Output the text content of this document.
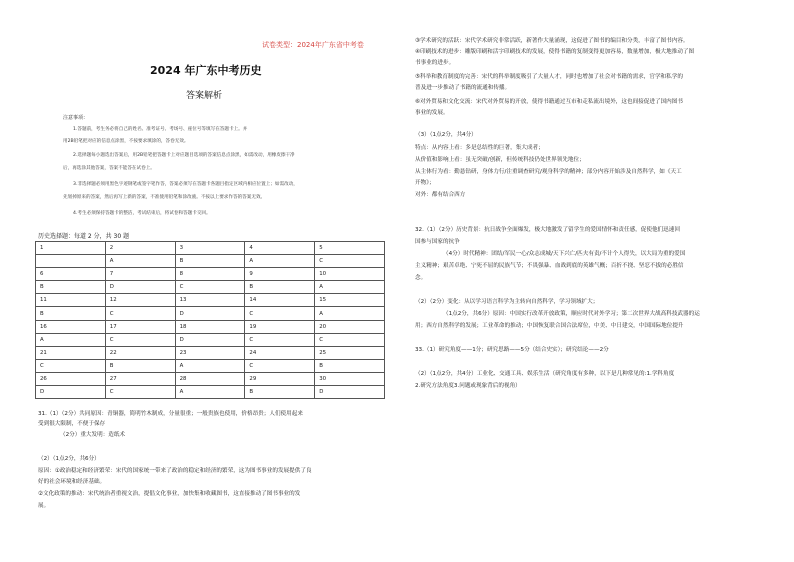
试卷类型：2024年广东省中考卷
2024 年广东中考历史
答案解析
注意事项：
1.答题前，考生务必将自己的姓名、准考证号、考场号、座位号等填写在答题卡上。并
用2B铅笔把对应的信息点涂黑，不按要求填涂的，答卷无效。
2.选择题每小题选出答案后，用2B铅笔把答题卡上对应题目选项的答案信息点涂黑，如需改动，用橡皮擦干净
后，再选涂其他答案，答案不能答在试卷上。
3.非选择题必须用黑色字迹钢笔或签字笔作答，答案必须写在答题卡各题目指定区域内相应位置上；如需改动，
先划掉原来的答案，然后再写上新的答案，不准使用铅笔和涂改液。不按以上要求作答的答案无效。
4.考生必须保持答题卡的整洁，考试结束后，将试卷和答题卡交回。
历史选择题：每道 2 分，共 30 题
1	2	3	4	5
	A	B	A	C
6	7	8	9	10
B	D	C	B	A
11	12	13	14	15
B	C	D	C	A
16	17	18	19	20
A	C	D	C	C
21	22	23	24	25
C	B	A	C	B
26	27	28	29	30
D	C	A	B	D
31.（1）（2分）共同原因：青铜器，简明竹木制成，分量很重；一般贵族也使用，价格昂贵；人们使用起来
受到很大限制，不便于保存
（2分）重大发明：造纸术
（2）（1点2分，共6分）
原因：①政治稳定和经济繁荣：宋代的国家统一带来了政治的稳定和经济的繁荣，这为图书事业的发展提供了良
好的社会环境和经济基础。
②文化政策的推动：宋代统治者重视文治，提倡文化事业，加快集和收藏图书，这直接推动了图书事业的发
展。
③学术研究的活跃：宋代学术研究非常活跃，新著作大量涌现，这促进了图书的编目和分类，丰富了图书内容。
④印刷技术的进步：雕版印刷和活字印刷技术的发展，使得书籍的复制变得更加容易，数量增加，极大地推动了图
书事业的进步。
⑤科举和教育制度的完善：宋代的科举制度吸引了大量人才，同时也增加了社会对书籍的需求，官学和私学的
普及进一步推动了书籍的流通和传播。
⑥对外贸易和文化交流：宋代对外贸易的开放，使得书籍通过互市和走私流出境外，这也间接促进了国内图书
事业的发展。
（3）（1点2分，共4分）
特点：从内容上看：多是总结性的巨著，集大成者；
从价值和影响上看：虽无突破/创新，但传统科技仍处世界领先地位；
从主体行为看：勤恳钻研，身体力行/注重调查研究/观身科学的精神；部分内容开始涉及自然科学，如《天工
开物》；
对外：都有结合西方
32.（1）（2分）历史背景：抗日战争全面爆发，极大地激发了留学生的爱国情怀和责任感，促使他们迅速回
国参与国家的抗争
（4分）时代精神：团结/军民一心/众志成城/天下兴亡/匹夫有责/不计个人得失，以大局为重的爱国
主义精神；艰苦卓绝、宁死不屈的民族气节；不畏强暴、血战到底的英雄气概；百折不挠、坚忍不拔的必胜信
念。
（2）（2分）变化：从以学习语言科学为主转向自然科学，学习领域扩大；
（1点2分，共6分）原因：中国实行改革开放政策，顺应时代对外学习；第二次世界大战高科技武器的运
用；西方自然科学的发展；工业革命的推动；中国恢复联合国合法席位，中美、中日建交，中国国际地位提升
33.（1）研究角度——1分；研究思路——5分（结合史实）；研究结论——2分
（2）（1点2分，共4分）工业化、交通工具、娱乐生活（研究角度有多种，以下是几种常见的:1.学科角度
2.研究方法角度3.问题或现象背后的视角）
